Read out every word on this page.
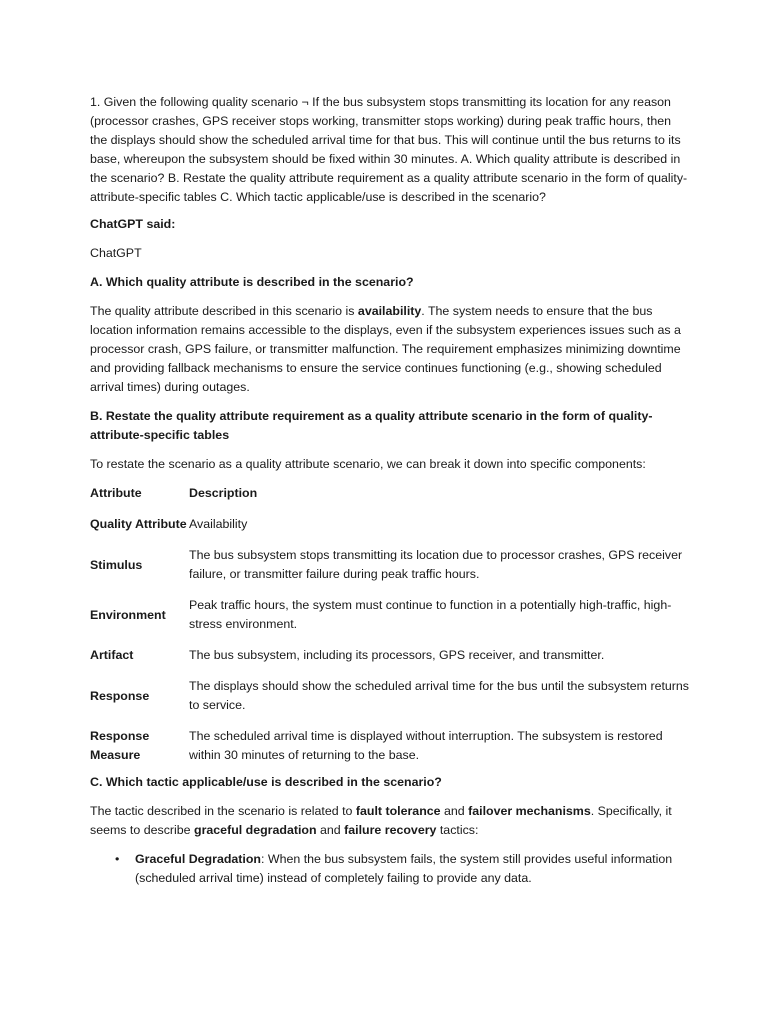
1. Given the following quality scenario ¬ If the bus subsystem stops transmitting its location for any reason (processor crashes, GPS receiver stops working, transmitter stops working) during peak traffic hours, then the displays should show the scheduled arrival time for that bus. This will continue until the bus returns to its base, whereupon the subsystem should be fixed within 30 minutes. A. Which quality attribute is described in the scenario? B. Restate the quality attribute requirement as a quality attribute scenario in the form of quality-attribute-specific tables C. Which tactic applicable/use is described in the scenario?

ChatGPT said:

ChatGPT

A. Which quality attribute is described in the scenario?

The quality attribute described in this scenario is availability. The system needs to ensure that the bus location information remains accessible to the displays, even if the subsystem experiences issues such as a processor crash, GPS failure, or transmitter malfunction. The requirement emphasizes minimizing downtime and providing fallback mechanisms to ensure the service continues functioning (e.g., showing scheduled arrival times) during outages.

B. Restate the quality attribute requirement as a quality attribute scenario in the form of quality-attribute-specific tables

To restate the scenario as a quality attribute scenario, we can break it down into specific components:

Attribute	Description
Quality Attribute	Availability
Stimulus	The bus subsystem stops transmitting its location due to processor crashes, GPS receiver failure, or transmitter failure during peak traffic hours.
Environment	Peak traffic hours, the system must continue to function in a potentially high-traffic, high-stress environment.
Artifact	The bus subsystem, including its processors, GPS receiver, and transmitter.
Response	The displays should show the scheduled arrival time for the bus until the subsystem returns to service.
Response Measure	The scheduled arrival time is displayed without interruption. The subsystem is restored within 30 minutes of returning to the base.

C. Which tactic applicable/use is described in the scenario?

The tactic described in the scenario is related to fault tolerance and failover mechanisms. Specifically, it seems to describe graceful degradation and failure recovery tactics:

• Graceful Degradation: When the bus subsystem fails, the system still provides useful information (scheduled arrival time) instead of completely failing to provide any data.
